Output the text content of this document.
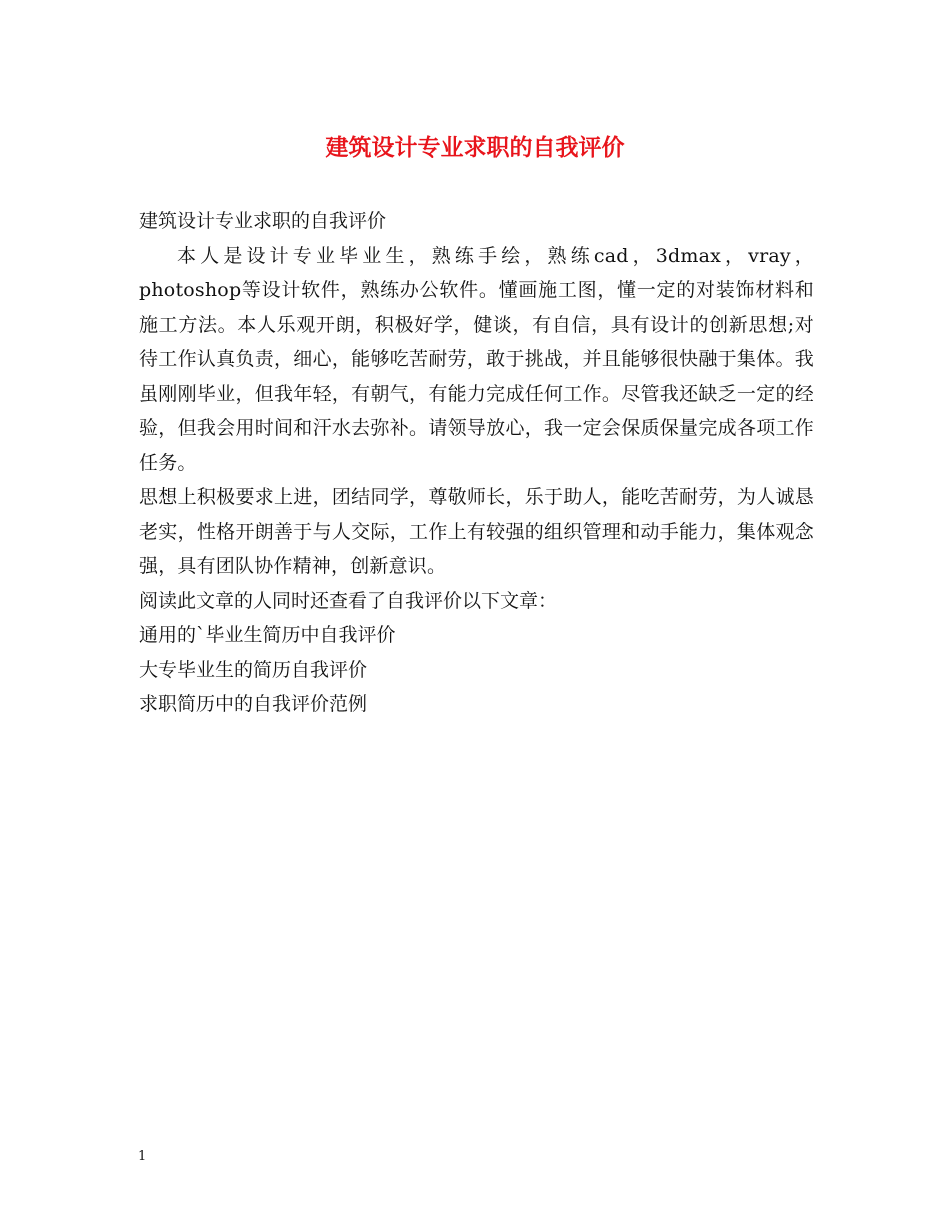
建筑设计专业求职的自我评价

建筑设计专业求职的自我评价

本人是设计专业毕业生，熟练手绘，熟练cad，3dmax，vray，photoshop等设计软件，熟练办公软件。懂画施工图，懂一定的对装饰材料和施工方法。本人乐观开朗，积极好学，健谈，有自信，具有设计的创新思想;对待工作认真负责，细心，能够吃苦耐劳，敢于挑战，并且能够很快融于集体。我虽刚刚毕业，但我年轻，有朝气，有能力完成任何工作。尽管我还缺乏一定的经验，但我会用时间和汗水去弥补。请领导放心，我一定会保质保量完成各项工作任务。

思想上积极要求上进，团结同学，尊敬师长，乐于助人，能吃苦耐劳，为人诚恳老实，性格开朗善于与人交际，工作上有较强的组织管理和动手能力，集体观念强，具有团队协作精神，创新意识。

阅读此文章的人同时还查看了自我评价以下文章：

通用的`毕业生简历中自我评价
大专毕业生的简历自我评价
求职简历中的自我评价范例
1
